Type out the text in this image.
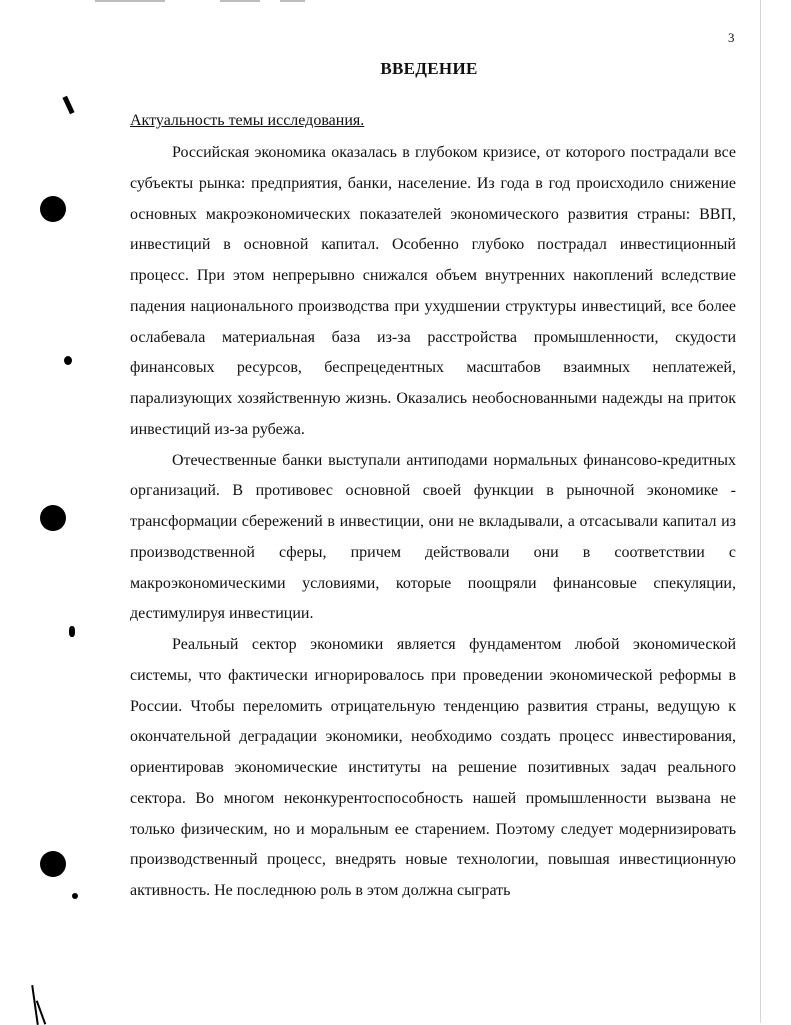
3
ВВЕДЕНИЕ
Актуальность темы исследования.

Российская экономика оказалась в глубоком кризисе, от которого пострадали все субъекты рынка: предприятия, банки, население. Из года в год происходило снижение основных макроэкономических показателей экономического развития страны: ВВП, инвестиций в основной капитал. Особенно глубоко пострадал инвестиционный процесс. При этом непрерывно снижался объем внутренних накоплений вследствие падения национального производства при ухудшении структуры инвестиций, все более ослабевала материальная база из-за расстройства промышленности, скудости финансовых ресурсов, беспрецедентных масштабов взаимных неплатежей, парализующих хозяйственную жизнь. Оказались необоснованными надежды на приток инвестиций из-за рубежа.

Отечественные банки выступали антиподами нормальных финансово-кредитных организаций. В противовес основной своей функции в рыночной экономике - трансформации сбережений в инвестиции, они не вкладывали, а отсасывали капитал из производственной сферы, причем действовали они в соответствии с макроэкономическими условиями, которые поощряли финансовые спекуляции, дестимулируя инвестиции.

Реальный сектор экономики является фундаментом любой экономической системы, что фактически игнорировалось при проведении экономической реформы в России. Чтобы переломить отрицательную тенденцию развития страны, ведущую к окончательной деградации экономики, необходимо создать процесс инвестирования, ориентировав экономические институты на решение позитивных задач реального сектора. Во многом неконкурентоспособность нашей промышленности вызвана не только физическим, но и моральным ее старением. Поэтому следует модернизировать производственный процесс, внедрять новые технологии, повышая инвестиционную активность. Не последнюю роль в этом должна сыграть
